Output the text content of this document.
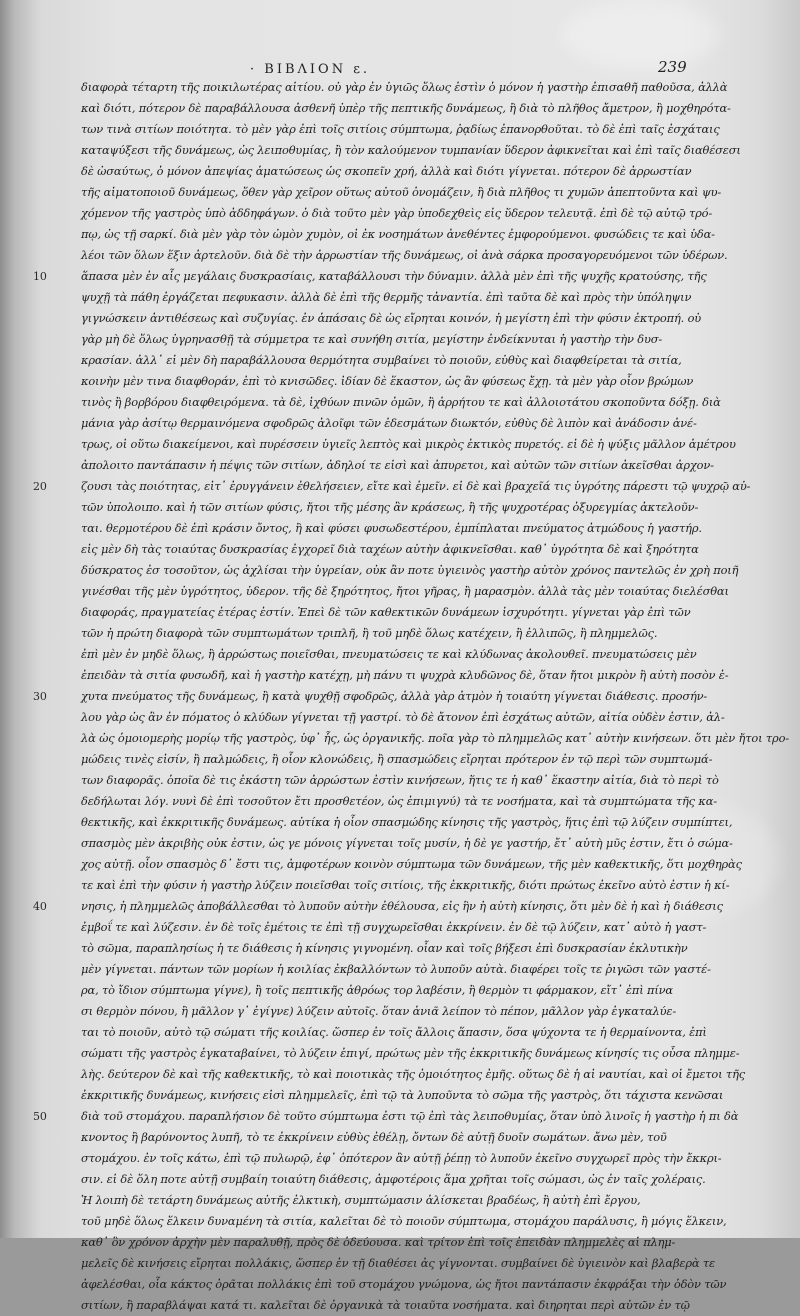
· ΒΙΒΛΙΟΝ ε.	239
διαφορὰ τέταρτη τῆς ποικιλωτέρας αἰτίου. οὐ γὰρ ἐν ὑγιῶς ὅλως ἐστὶν ὁ μόνον ἡ γαστὴρ ἐπισαθῆ παθοῦσα, ἀλλὰ
καὶ διότι, πότερον δὲ παραβάλλουσα ἀσθενῆ ὑπὲρ τῆς πεπτικῆς δυνάμεως, ἢ διὰ τὸ πλῆθος ἄμετρον, ἢ μοχθηρότα-
των τινὰ σιτίων ποιότητα. τὸ μὲν γὰρ ἐπὶ τοῖς σιτίοις σύμπτωμα, ῥᾳδίως ἐπανορθοῦται. τὸ δὲ ἐπὶ ταῖς ἐσχάταις
καταψύξεσι τῆς δυνάμεως, ὡς λειποθυμίας, ἢ τὸν καλούμενον τυμπανίαν ὕδερον ἀφικνεῖται καὶ ἐπὶ ταῖς διαθέσεσι
δὲ ὡσαύτως, ὁ μόνον ἀπεψίας ἁματώσεως ὡς σκοπεῖν χρή, ἀλλὰ καὶ διότι γίγνεται. πότερον δὲ ἀρρωστίαν
τῆς αἱματοποιοῦ δυνάμεως, ὅθεν γὰρ χεῖρον οὕτως αὐτοῦ ὀνομάζειν, ἢ διὰ πλῆθος τι χυμῶν ἀπεπτοῦντα καὶ ψυ-
χόμενον τῆς γαστρὸς ὑπὸ ἀδδηφάγων. ὁ διὰ τοῦτο μὲν γὰρ ὑποδεχθεὶς εἰς ὕδερον τελευτᾷ. ἐπὶ δὲ τῷ αὐτῷ τρό-
πῳ, ὡς τῇ σαρκί. διὰ μὲν γὰρ τὸν ὠμὸν χυμὸν, οἱ ἐκ νοσημάτων ἀνεθέντες ἐμφορούμενοι. φυσώδεις τε καὶ ὑδα-
λέοι τῶν ὅλων ἕξιν ἀρτελοῦν. διὰ δὲ τὴν ἀρρωστίαν τῆς δυνάμεως, οἱ ἀνὰ σάρκα προσαγορευόμενοι τῶν ὑδέρων.
10	ἅπασα μὲν ἐν αἷς μεγάλαις δυσκρασίαις, καταβάλλουσι τὴν δύναμιν. ἀλλὰ μὲν ἐπὶ τῆς ψυχῆς κρατούσης, τῆς
ψυχῇ τὰ πάθη ἐργάζεται πεφυκασιν. ἀλλὰ δὲ ἐπὶ τῆς θερμῆς τἀναντία. ἐπὶ ταῦτα δὲ καὶ πρὸς τὴν ὑπόληψιν
γιγνώσκειν ἀντιθέσεως καὶ συζυγίας. ἐν ἁπάσαις δὲ ὡς εἴρηται κοινόν, ἡ μεγίστη ἐπὶ τὴν φύσιν ἐκτροπή. οὐ
γὰρ μὴ δὲ ὅλως ὑγρηνασθῇ τὰ σύμμετρα τε καὶ συνήθη σιτία, μεγίστην ἐνδείκνυται ἡ γαστὴρ τὴν δυσ-
κρασίαν. ἀλλ᾽ εἰ μὲν δὴ παραβάλλουσα θερμότητα συμβαίνει τὸ ποιοῦν, εὐθὺς καὶ διαφθείρεται τὰ σιτία,
κοινὴν μὲν τινα διαφθοράν, ἐπὶ τὸ κνισῶδες. ἰδίαν δὲ ἕκαστον, ὡς ἂν φύσεως ἔχῃ. τὰ μὲν γὰρ οἷον βρώμων
τινὸς ἢ βορβόρου διαφθειρόμενα. τὰ δὲ, ἰχθύων πινῶν ὀμῶν, ἢ ἀρρήτου τε καὶ ἀλλοιοτάτου σκοποῦντα δόξῃ. διὰ
μάνια γὰρ ἀσίτῳ θερμαινόμενα σφοδρῶς ἀλοῖφι τῶν ἐδεσμάτων διωκτόν, εὐθὺς δὲ λιπὸν καὶ ἀνάδοσιν ἀνέ-
τρως, οἱ οὕτω διακείμενοι, καὶ πυρέσσειν ὑγιεῖς λεπτὸς καὶ μικρὸς ἐκτικὸς πυρετός. εἰ δὲ ἡ ψύξις μᾶλλον ἀμέτρου
ἀπολοιτο παντάπασιν ἡ πέψις τῶν σιτίων, ἀδηλοί τε εἰσὶ καὶ ἀπυρετοι, καὶ αὐτῶν τῶν σιτίων ἀκεῖσθαι ἀρχον-
20	ζουσι τὰς ποιότητας, εἰτ᾽ ἐρυγγάνειν ἐθελήσειεν, εἴτε καὶ ἐμεῖν. εἰ δὲ καὶ βραχεῖά τις ὑγρότης πάρεστι τῷ ψυχρῷ αὐ-
τῶν ὑπολοιπο. καὶ ἡ τῶν σιτίων φύσις, ἤτοι τῆς μέσης ἂν κράσεως, ἢ τῆς ψυχροτέρας ὀξυρεγμίας ἀκτελοῦν-
ται. θερμοτέρου δὲ ἐπὶ κράσιν ὄντος, ἢ καὶ φύσει φυσωδεστέρου, ἐμπίπλαται πνεύματος ἀτμώδους ἡ γαστήρ.
εἰς μὲν δὴ τὰς τοιαύτας δυσκρασίας ἐγχορεῖ διὰ ταχέων αὐτὴν ἀφικνεῖσθαι. καθ᾽ ὑγρότητα δὲ καὶ ξηρότητα
δύσκρατος ἐσ τοσοῦτον, ὡς ἀχλίσαι τὴν ὑγρείαν, οὐκ ἂν ποτε ὑγιεινὸς γαστὴρ αὐτὸν χρόνος παντελῶς ἐν χρὴ ποιῆ
γινέσθαι τῆς μὲν ὑγρότητος, ὑδερον. τῆς δὲ ξηρότητος, ἤτοι γῆρας, ἢ μαρασμὸν. ἀλλὰ τὰς μὲν τοιαύτας διελέσθαι
διαφοράς, πραγματείας ἑτέρας ἐστίν. Ἐπεὶ δὲ τῶν καθεκτικῶν δυνάμεων ἰσχυρότητι. γίγνεται γὰρ ἐπὶ τῶν
τῶν ἡ πρώτη διαφορὰ τῶν συμπτωμάτων τριπλῆ, ἢ τοῦ μηδὲ ὅλως κατέχειν, ἢ ἐλλιπῶς, ἢ πλημμελῶς.
ἐπὶ μὲν ἐν μηδὲ ὅλως, ἢ ἀρρώστως ποιεῖσθαι, πνευματώσεις τε καὶ κλύδωνας ἀκολουθεῖ. πνευματώσεις μὲν
ἐπειδὰν τὰ σιτία φυσωδῆ, καὶ ἡ γαστὴρ κατέχῃ, μὴ πάνυ τι ψυχρὰ κλυδῶνος δὲ, ὅταν ἤτοι μικρὸν ἢ αὐτὴ ποσὸν ἐ-
30	χυτα πνεύματος τῆς δυνάμεως, ἢ κατὰ ψυχθῇ σφοδρῶς, ἀλλὰ γὰρ ἀτμὸν ἡ τοιαύτη γίγνεται διάθεσις. προσήν-
λου γὰρ ὡς ἂν ἐν πόματος ὁ κλύδων γίγνεται τῇ γαστρί. τὸ δὲ ἄτονον ἐπὶ ἐσχάτως αὐτῶν, αἰτία οὐδὲν ἐστιν, ἀλ-
λὰ ὡς ὁμοιομερὴς μορίῳ τῆς γαστρὸς, ὑφ᾽ ἧς, ὡς ὀργανικῆς. ποῖα γὰρ τὸ πλημμελῶς κατ᾽ αὐτὴν κινήσεων. ὅτι μὲν ἤτοι τρο-
μώδεις τινὲς εἰσίν, ἢ παλμώδεις, ἢ οἷον κλονώδεις, ἢ σπασμώδεις εἴρηται πρότερον ἐν τῷ περὶ τῶν συμπτωμά-
των διαφορᾶς. ὁποῖα δὲ τις ἐκάστη τῶν ἀρρώστων ἐστὶν κινήσεων, ἥτις τε ἡ καθ᾽ ἕκαστην αἰτία, διὰ τὸ περὶ τὸ
δεδήλωται λόγ. νυνὶ δὲ ἐπὶ τοσοῦτον ἔτι προσθετέον, ὡς ἐπιμιγνύ) τὰ τε νοσήματα, καὶ τὰ συμπτώματα τῆς κα-
θεκτικῆς, καὶ ἐκκριτικῆς δυνάμεως. αὐτίκα ἡ οἷον σπασμώδης κίνησις τῆς γαστρὸς, ἥτις ἐπὶ τῷ λύζειν συμπίπτει,
σπασμὸς μὲν ἀκριβὴς οὐκ ἐστιν, ὡς γε μόνοις γίγνεται τοῖς μυσίν, ἡ δὲ γε γαστήρ, ἔτ᾽ αὐτὴ μῦς ἐστιν, ἔτι ὁ σώμα-
χος αὐτῇ. οἷον σπασμὸς δ᾽ ἔστι τις, ἀμφοτέρων κοινὸν σύμπτωμα τῶν δυνάμεων, τῆς μὲν καθεκτικῆς, ὅτι μοχθηρὰς
τε καὶ ἐπὶ τὴν φύσιν ἡ γαστὴρ λύζειν ποιεῖσθαι τοῖς σιτίοις, τῆς ἐκκριτικῆς, διότι πρώτως ἐκεῖνο αὐτὸ ἐστιν ἡ κί-
40	νησις, ἡ πλημμελῶς ἀποβάλλεσθαι τὸ λυποῦν αὐτὴν ἐθέλουσα, εἰς ἣν ἡ αὐτὴ κίνησις, ὅτι μὲν δὲ ἡ καὶ ἡ διάθεσις
ἐμβοΐ τε καὶ λύζεσιν. ἐν δὲ τοῖς ἐμέτοις τε ἐπὶ τῇ συγχωρεῖσθαι ἐκκρίνειν. ἐν δὲ τῷ λύζειν, κατ᾽ αὐτὸ ἡ γαστ-
τὸ σῶμα, παραπλησίως ἡ τε διάθεσις ἡ κίνησις γιγνομένη. οἷαν καὶ τοῖς βήξεσι ἐπὶ δυσκρασίαν ἐκλυτικὴν
μὲν γίγνεται. πάντων τῶν μορίων ἡ κοιλίας ἐκβαλλόντων τὸ λυποῦν αὐτὰ. διαφέρει τοῖς τε ῥιγῶσι τῶν γαστέ-
ρα, τὸ ἴδιον σύμπτωμα γίγνε), ἢ τοῖς πεπτικῆς ἀθρόως τορ λαβέσιν, ἢ θερμὸν τι φάρμακον, εἴτ᾽ ἐπὶ πίνα
σι θερμὸν πόνου, ἢ μᾶλλον γ᾽ ἐγίγνε) λύζειν αὐτοῖς. ὅταν ἀνιᾶ λείπον τὸ πέπον, μᾶλλον γὰρ ἐγκαταλύε-
ται τὸ ποιοῦν, αὐτὸ τῷ σώματι τῆς κοιλίας. ὥσπερ ἐν τοῖς ἄλλοις ἅπασιν, ὅσα ψύχοντα τε ἡ θερμαίνοντα, ἐπὶ
σώματι τῆς γαστρὸς ἐγκαταβαίνει, τὸ λύζειν ἐπιγί, πρώτως μὲν τῆς ἐκκριτικῆς δυνάμεως κίνησίς τις οὖσα πλημμε-
λὴς. δεύτερον δὲ καὶ τῆς καθεκτικῆς, τὸ καὶ ποιοτικὰς τῆς ὁμοιότητος ἐμῆς. οὕτως δὲ ἡ αἱ ναυτίαι, καὶ οἱ ἔμετοι τῆς
ἐκκριτικῆς δυνάμεως, κινήσεις εἰσὶ πλημμελεῖς, ἐπὶ τῷ τὰ λυποῦντα τὸ σῶμα τῆς γαστρὸς, ὅτι τάχιστα κενῶσαι
50	διὰ τοῦ στομάχου. παραπλήσιον δὲ τοῦτο σύμπτωμα ἐστι τῷ ἐπὶ τὰς λειποθυμίας, ὅταν ὑπὸ λινοῖς ἡ γαστὴρ ἡ πι δὰ
κνοντος ἢ βαρύνοντος λυπῆ, τὸ τε ἐκκρίνειν εὐθὺς ἐθέλῃ, ὄντων δὲ αὐτῇ δυοῖν σωμάτων. ἄνω μὲν, τοῦ
στομάχου. ἐν τοῖς κάτω, ἐπὶ τῷ πυλωρῷ, ἐφ᾽ ὁπότερον ἂν αὐτῇ ῥέπῃ τὸ λυποῦν ἐκεῖνο συγχωρεῖ πρὸς τὴν ἔκκρι-
σιν. εἰ δὲ ὅλη ποτε αὐτῇ συμβαίη τοιαύτη διάθεσις, ἀμφοτέροις ἅμα χρῆται τοῖς σώμασι, ὡς ἐν ταῖς χολέραις.
Ἡ λοιπὴ δὲ τετάρτη δυνάμεως αὐτῆς ἐλκτικὴ, συμπτώμασιν ἁλίσκεται βραδέως, ἢ αὐτὴ ἐπὶ ἔργου,
τοῦ μηδὲ ὅλως ἕλκειν δυναμένη τὰ σιτία, καλεῖται δὲ τὸ ποιοῦν σύμπτωμα, στομάχου παράλυσις, ἢ μόγις ἕλκειν,
καθ᾽ ὃν χρόνον ἀρχὴν μὲν παραλυθῇ, πρὸς δὲ ὁδεύουσα. καὶ τρίτον ἐπὶ τοῖς ἐπειδὰν πλημμελὲς αἱ πλημ-
μελεῖς δὲ κινήσεις εἴρηται πολλάκις, ὥσπερ ἐν τῇ διαθέσει ἀς γίγνονται. συμβαίνει δὲ ὑγιεινὸν καὶ βλαβερὰ τε
ἀφελέσθαι, οἷα κάκτος ὁρᾶται πολλάκις ἐπὶ τοῦ στομάχου γνώμονα, ὡς ἤτοι παντάπασιν ἐκφράξαι τὴν ὁδὸν τῶν
σιτίων, ἢ παραβλάψαι κατά τι. καλεῖται δὲ ὀργανικὰ τὰ τοιαῦτα νοσήματα. καὶ διηρηται περὶ αὐτῶν ἐν τῷ
